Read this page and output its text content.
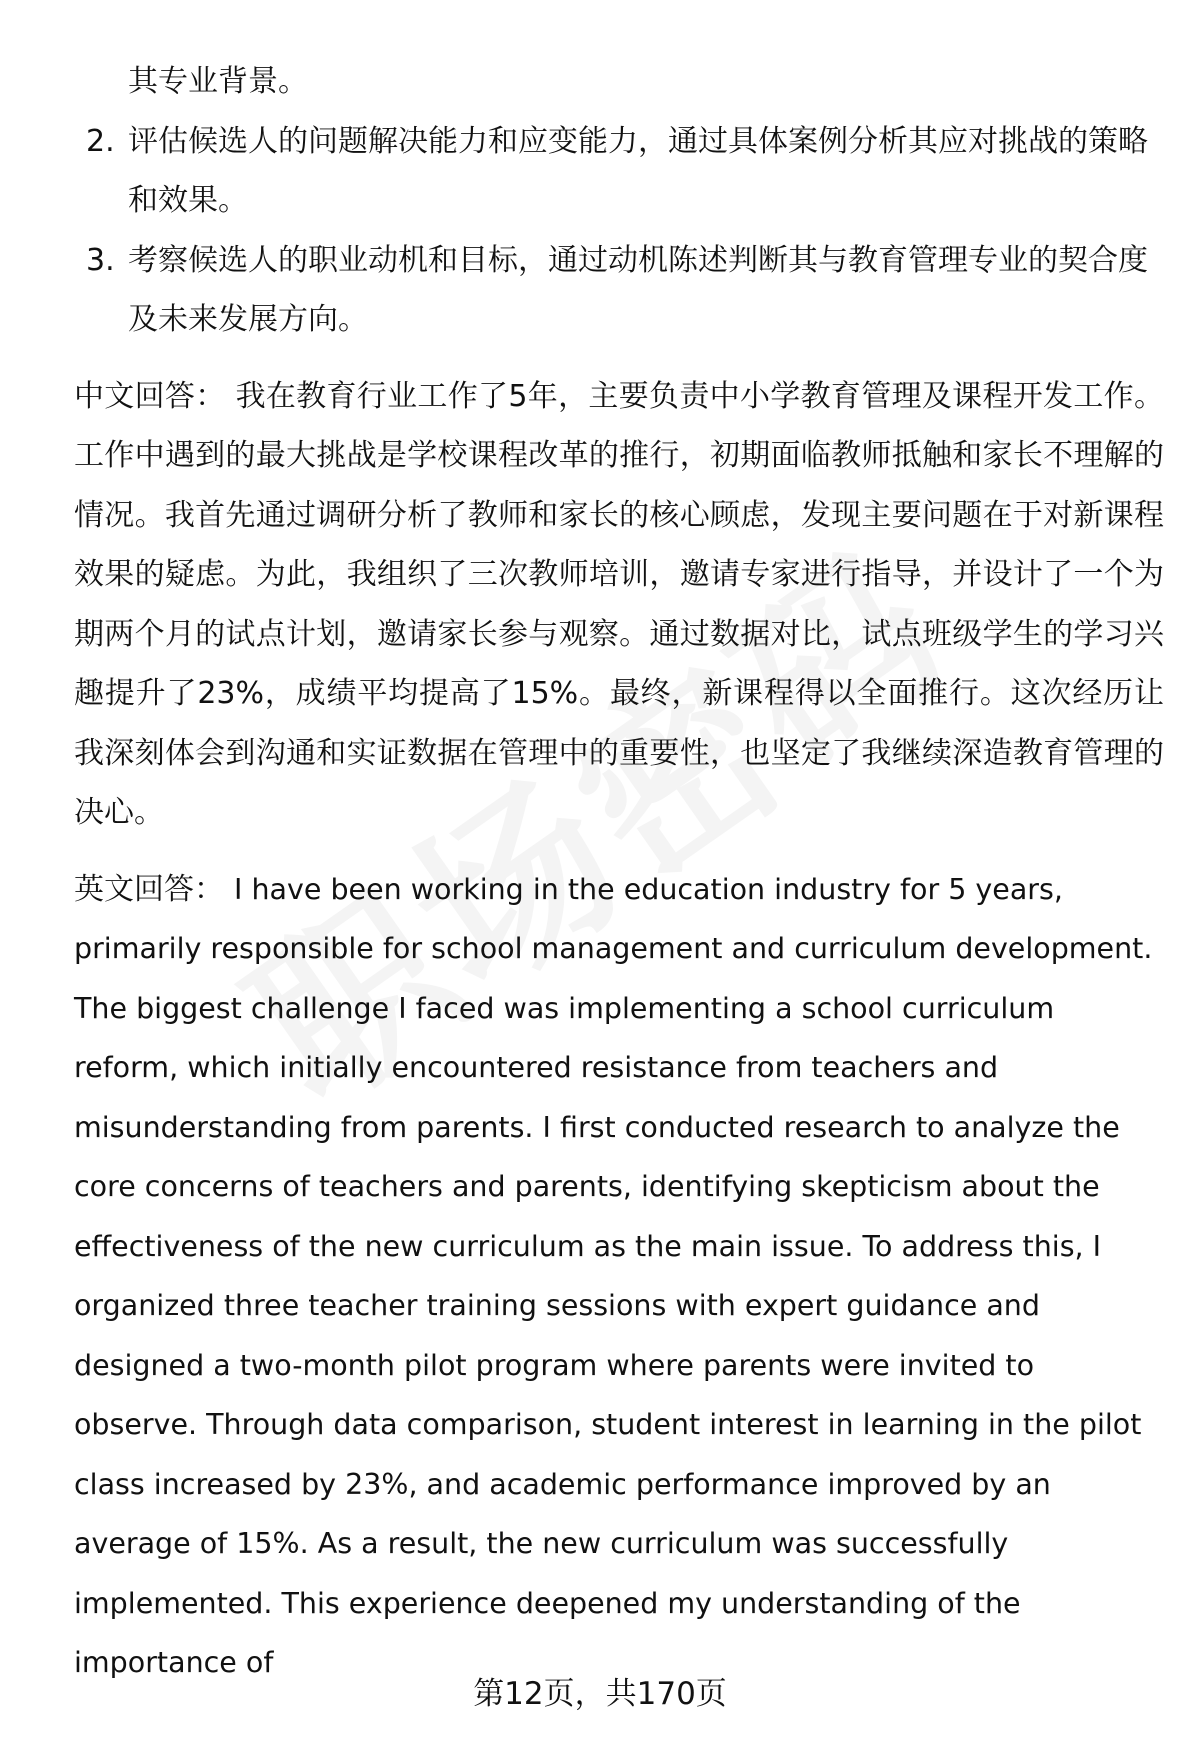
其专业背景。

2. 评估候选人的问题解决能力和应变能力，通过具体案例分析其应对挑战的策略和效果。
3. 考察候选人的职业动机和目标，通过动机陈述判断其与教育管理专业的契合度及未来发展方向。

中文回答： 我在教育行业工作了5年，主要负责中小学教育管理及课程开发工作。工作中遇到的最大挑战是学校课程改革的推行，初期面临教师抵触和家长不理解的情况。我首先通过调研分析了教师和家长的核心顾虑，发现主要问题在于对新课程效果的疑虑。为此，我组织了三次教师培训，邀请专家进行指导，并设计了一个为期两个月的试点计划，邀请家长参与观察。通过数据对比，试点班级学生的学习兴趣提升了23%，成绩平均提高了15%。最终，新课程得以全面推行。这次经历让我深刻体会到沟通和实证数据在管理中的重要性，也坚定了我继续深造教育管理的决心。

英文回答： I have been working in the education industry for 5 years, primarily responsible for school management and curriculum development. The biggest challenge I faced was implementing a school curriculum reform, which initially encountered resistance from teachers and misunderstanding from parents. I first conducted research to analyze the core concerns of teachers and parents, identifying skepticism about the effectiveness of the new curriculum as the main issue. To address this, I organized three teacher training sessions with expert guidance and designed a two-month pilot program where parents were invited to observe. Through data comparison, student interest in learning in the pilot class increased by 23%, and academic performance improved by an average of 15%. As a result, the new curriculum was successfully implemented. This experience deepened my understanding of the importance of

第12页，共170页
